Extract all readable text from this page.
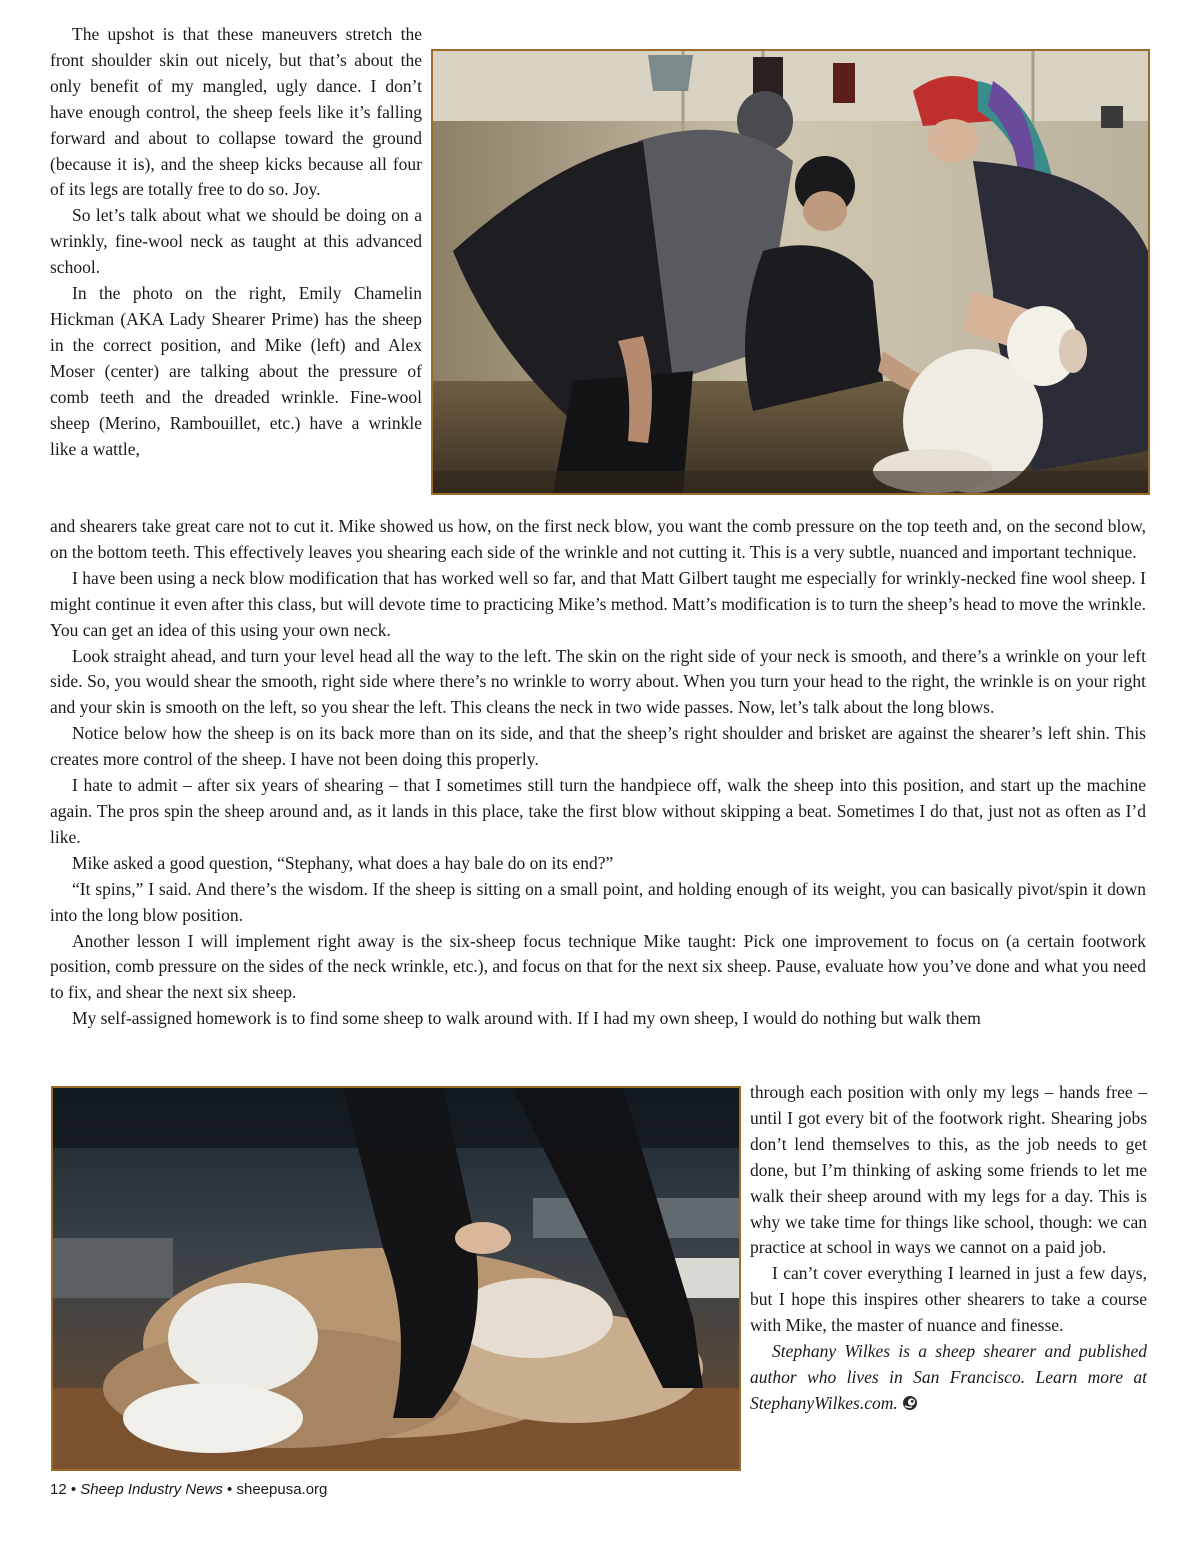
The upshot is that these maneuvers stretch the front shoulder skin out nicely, but that’s about the only benefit of my mangled, ugly dance. I don’t have enough control, the sheep feels like it’s falling forward and about to collapse toward the ground (because it is), and the sheep kicks because all four of its legs are totally free to do so. Joy.

So let’s talk about what we should be doing on a wrinkly, fine-wool neck as taught at this advanced school.

In the photo on the right, Emily Chamelin Hickman (AKA Lady Shearer Prime) has the sheep in the correct position, and Mike (left) and Alex Moser (center) are talking about the pressure of comb teeth and the dreaded wrinkle. Fine-wool sheep (Merino, Rambouillet, etc.) have a wrinkle like a wattle,

and shearers take great care not to cut it. Mike showed us how, on the first neck blow, you want the comb pressure on the top teeth and, on the second blow, on the bottom teeth. This effectively leaves you shearing each side of the wrinkle and not cutting it. This is a very subtle, nuanced and important technique.

I have been using a neck blow modification that has worked well so far, and that Matt Gilbert taught me especially for wrinkly-necked fine wool sheep. I might continue it even after this class, but will devote time to practicing Mike’s method. Matt’s modification is to turn the sheep’s head to move the wrinkle. You can get an idea of this using your own neck.

Look straight ahead, and turn your level head all the way to the left. The skin on the right side of your neck is smooth, and there’s a wrinkle on your left side. So, you would shear the smooth, right side where there’s no wrinkle to worry about. When you turn your head to the right, the wrinkle is on your right and your skin is smooth on the left, so you shear the left. This cleans the neck in two wide passes. Now, let’s talk about the long blows.

Notice below how the sheep is on its back more than on its side, and that the sheep’s right shoulder and brisket are against the shearer’s left shin. This creates more control of the sheep. I have not been doing this properly.

I hate to admit – after six years of shearing – that I sometimes still turn the handpiece off, walk the sheep into this position, and start up the machine again. The pros spin the sheep around and, as it lands in this place, take the first blow without skipping a beat. Sometimes I do that, just not as often as I’d like.

Mike asked a good question, “Stephany, what does a hay bale do on its end?”

“It spins,” I said. And there’s the wisdom. If the sheep is sitting on a small point, and holding enough of its weight, you can basically pivot/spin it down into the long blow position.

Another lesson I will implement right away is the six-sheep focus technique Mike taught: Pick one improvement to focus on (a certain footwork position, comb pressure on the sides of the neck wrinkle, etc.), and focus on that for the next six sheep. Pause, evaluate how you’ve done and what you need to fix, and shear the next six sheep.

My self-assigned homework is to find some sheep to walk around with. If I had my own sheep, I would do nothing but walk them

through each position with only my legs – hands free – until I got every bit of the footwork right. Shearing jobs don’t lend themselves to this, as the job needs to get done, but I’m thinking of asking some friends to let me walk their sheep around with my legs for a day. This is why we take time for things like school, though: we can practice at school in ways we cannot on a paid job.

I can’t cover everything I learned in just a few days, but I hope this inspires other shearers to take a course with Mike, the master of nuance and finesse.

Stephany Wilkes is a sheep shearer and published author who lives in San Francisco. Learn more at StephanyWilkes.com.

12 • Sheep Industry News • sheepusa.org
